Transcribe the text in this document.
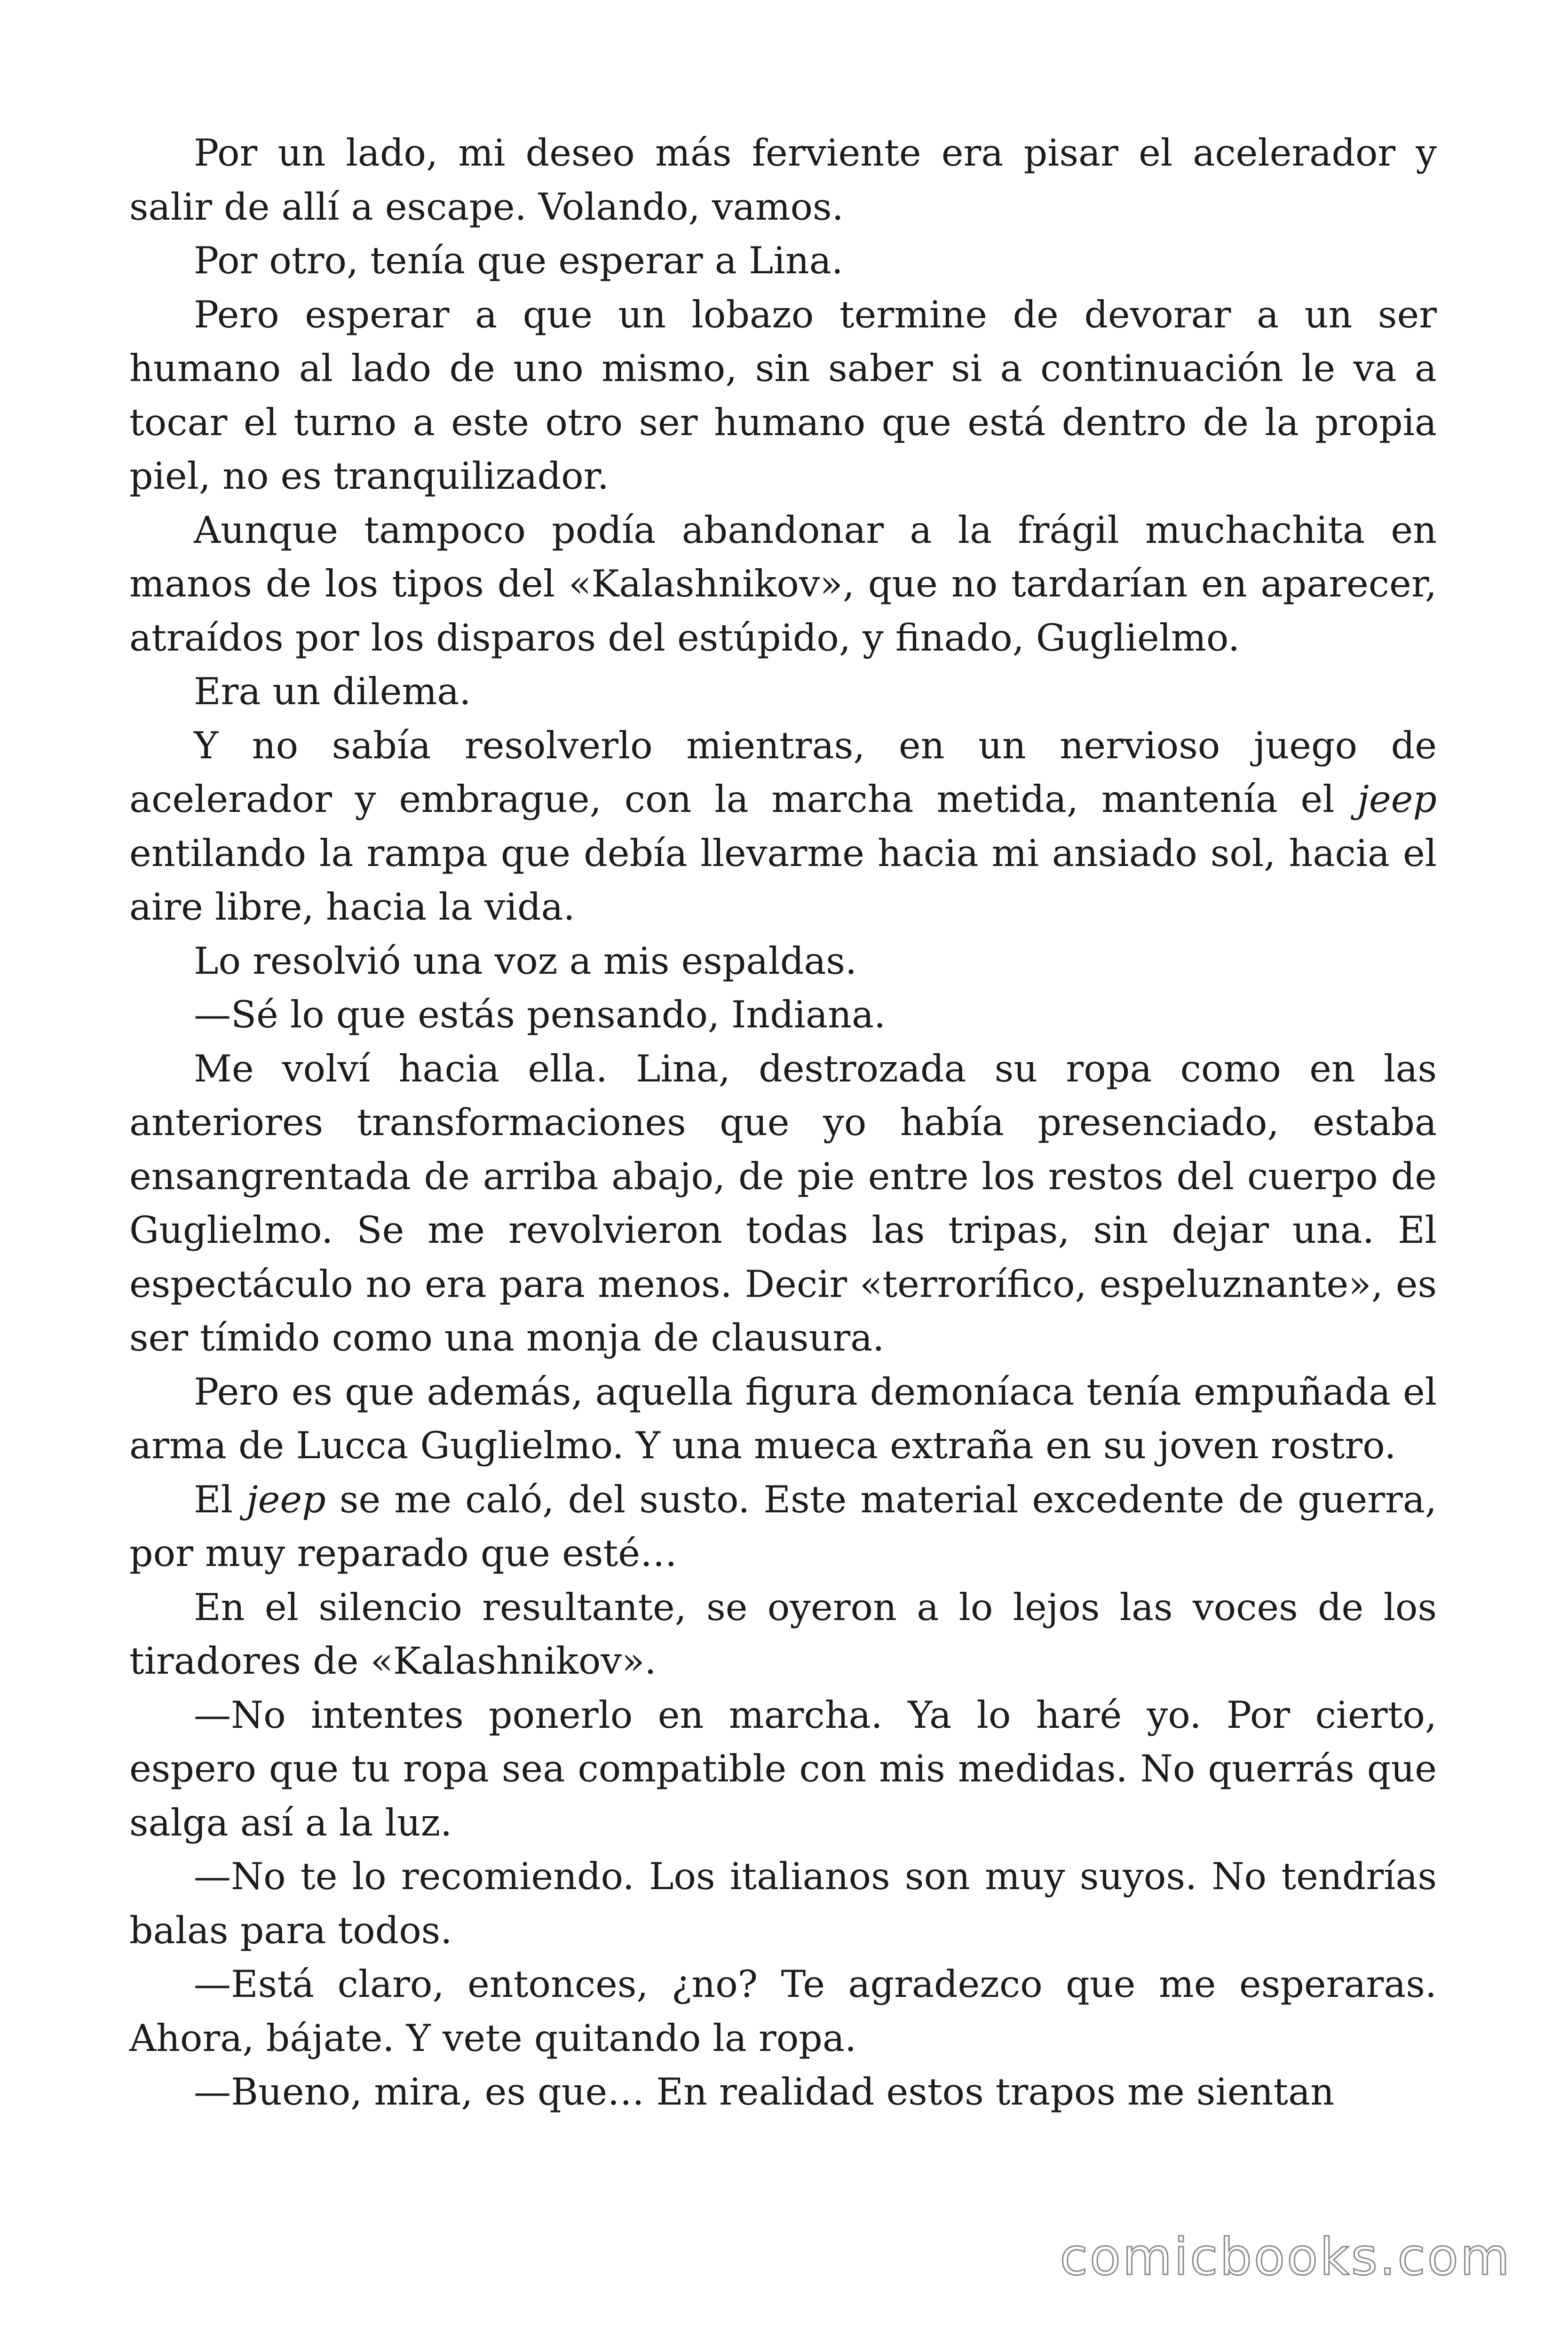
Por un lado, mi deseo más ferviente era pisar el acelerador y salir de allí a escape. Volando, vamos.

Por otro, tenía que esperar a Lina.

Pero esperar a que un lobazo termine de devorar a un ser humano al lado de uno mismo, sin saber si a continuación le va a tocar el turno a este otro ser humano que está dentro de la propia piel, no es tranquilizador.

Aunque tampoco podía abandonar a la frágil muchachita en manos de los tipos del «Kalashnikov», que no tardarían en aparecer, atraídos por los disparos del estúpido, y finado, Guglielmo.

Era un dilema.

Y no sabía resolverlo mientras, en un nervioso juego de acelerador y embrague, con la marcha metida, mantenía el jeep entilando la rampa que debía llevarme hacia mi ansiado sol, hacia el aire libre, hacia la vida.

Lo resolvió una voz a mis espaldas.

—Sé lo que estás pensando, Indiana.

Me volví hacia ella. Lina, destrozada su ropa como en las anteriores transformaciones que yo había presenciado, estaba ensangrentada de arriba abajo, de pie entre los restos del cuerpo de Guglielmo. Se me revolvieron todas las tripas, sin dejar una. El espectáculo no era para menos. Decir «terrorífico, espeluznante», es ser tímido como una monja de clausura.

Pero es que además, aquella figura demoníaca tenía empuñada el arma de Lucca Guglielmo. Y una mueca extraña en su joven rostro.

El jeep se me caló, del susto. Este material excedente de guerra, por muy reparado que esté…

En el silencio resultante, se oyeron a lo lejos las voces de los tiradores de «Kalashnikov».

—No intentes ponerlo en marcha. Ya lo haré yo. Por cierto, espero que tu ropa sea compatible con mis medidas. No querrás que salga así a la luz.

—No te lo recomiendo. Los italianos son muy suyos. No tendrías balas para todos.

—Está claro, entonces, ¿no? Te agradezco que me esperaras. Ahora, bájate. Y vete quitando la ropa.

—Bueno, mira, es que… En realidad estos trapos me sientan

comicbooks.com
